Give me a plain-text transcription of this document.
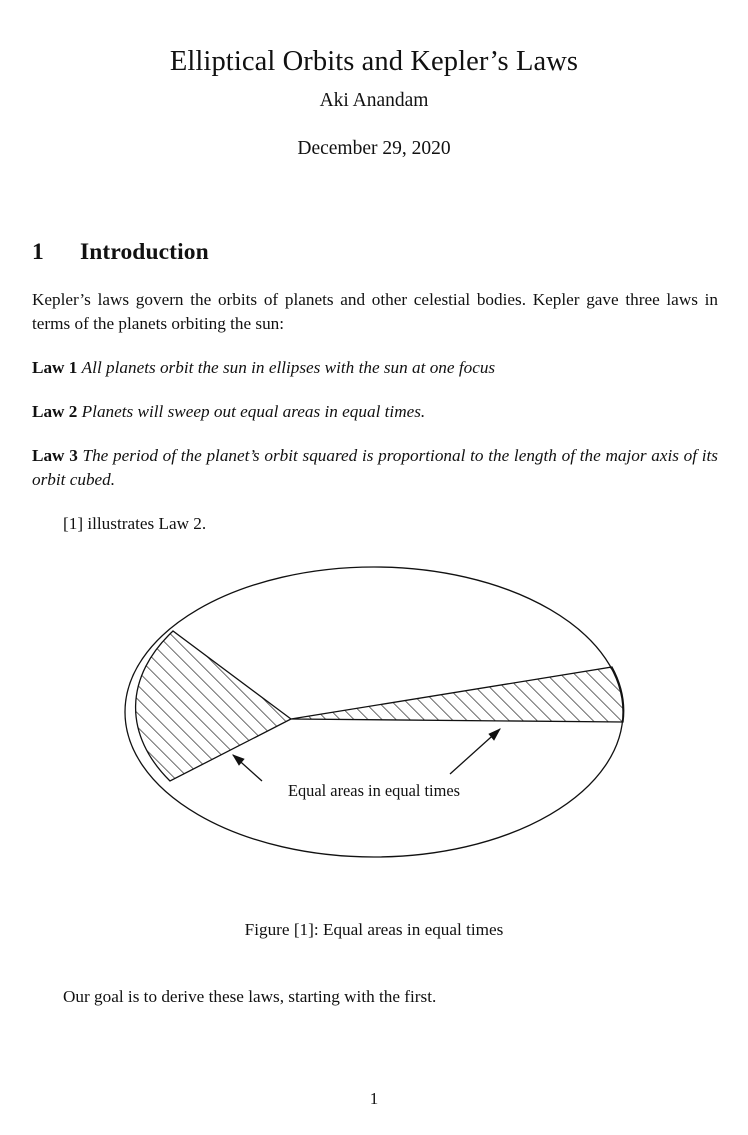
Elliptical Orbits and Kepler’s Laws
Aki Anandam
December 29, 2020
1 Introduction

Kepler’s laws govern the orbits of planets and other celestial bodies. Kepler gave three laws in terms of the planets orbiting the sun:

Law 1 All planets orbit the sun in ellipses with the sun at one focus

Law 2 Planets will sweep out equal areas in equal times.

Law 3 The period of the planet’s orbit squared is proportional to the length of the major axis of its orbit cubed.

[1] illustrates Law 2.

Our goal is to derive these laws, starting with the first.

Equal areas in equal times
Figure [1]: Equal areas in equal times
1
